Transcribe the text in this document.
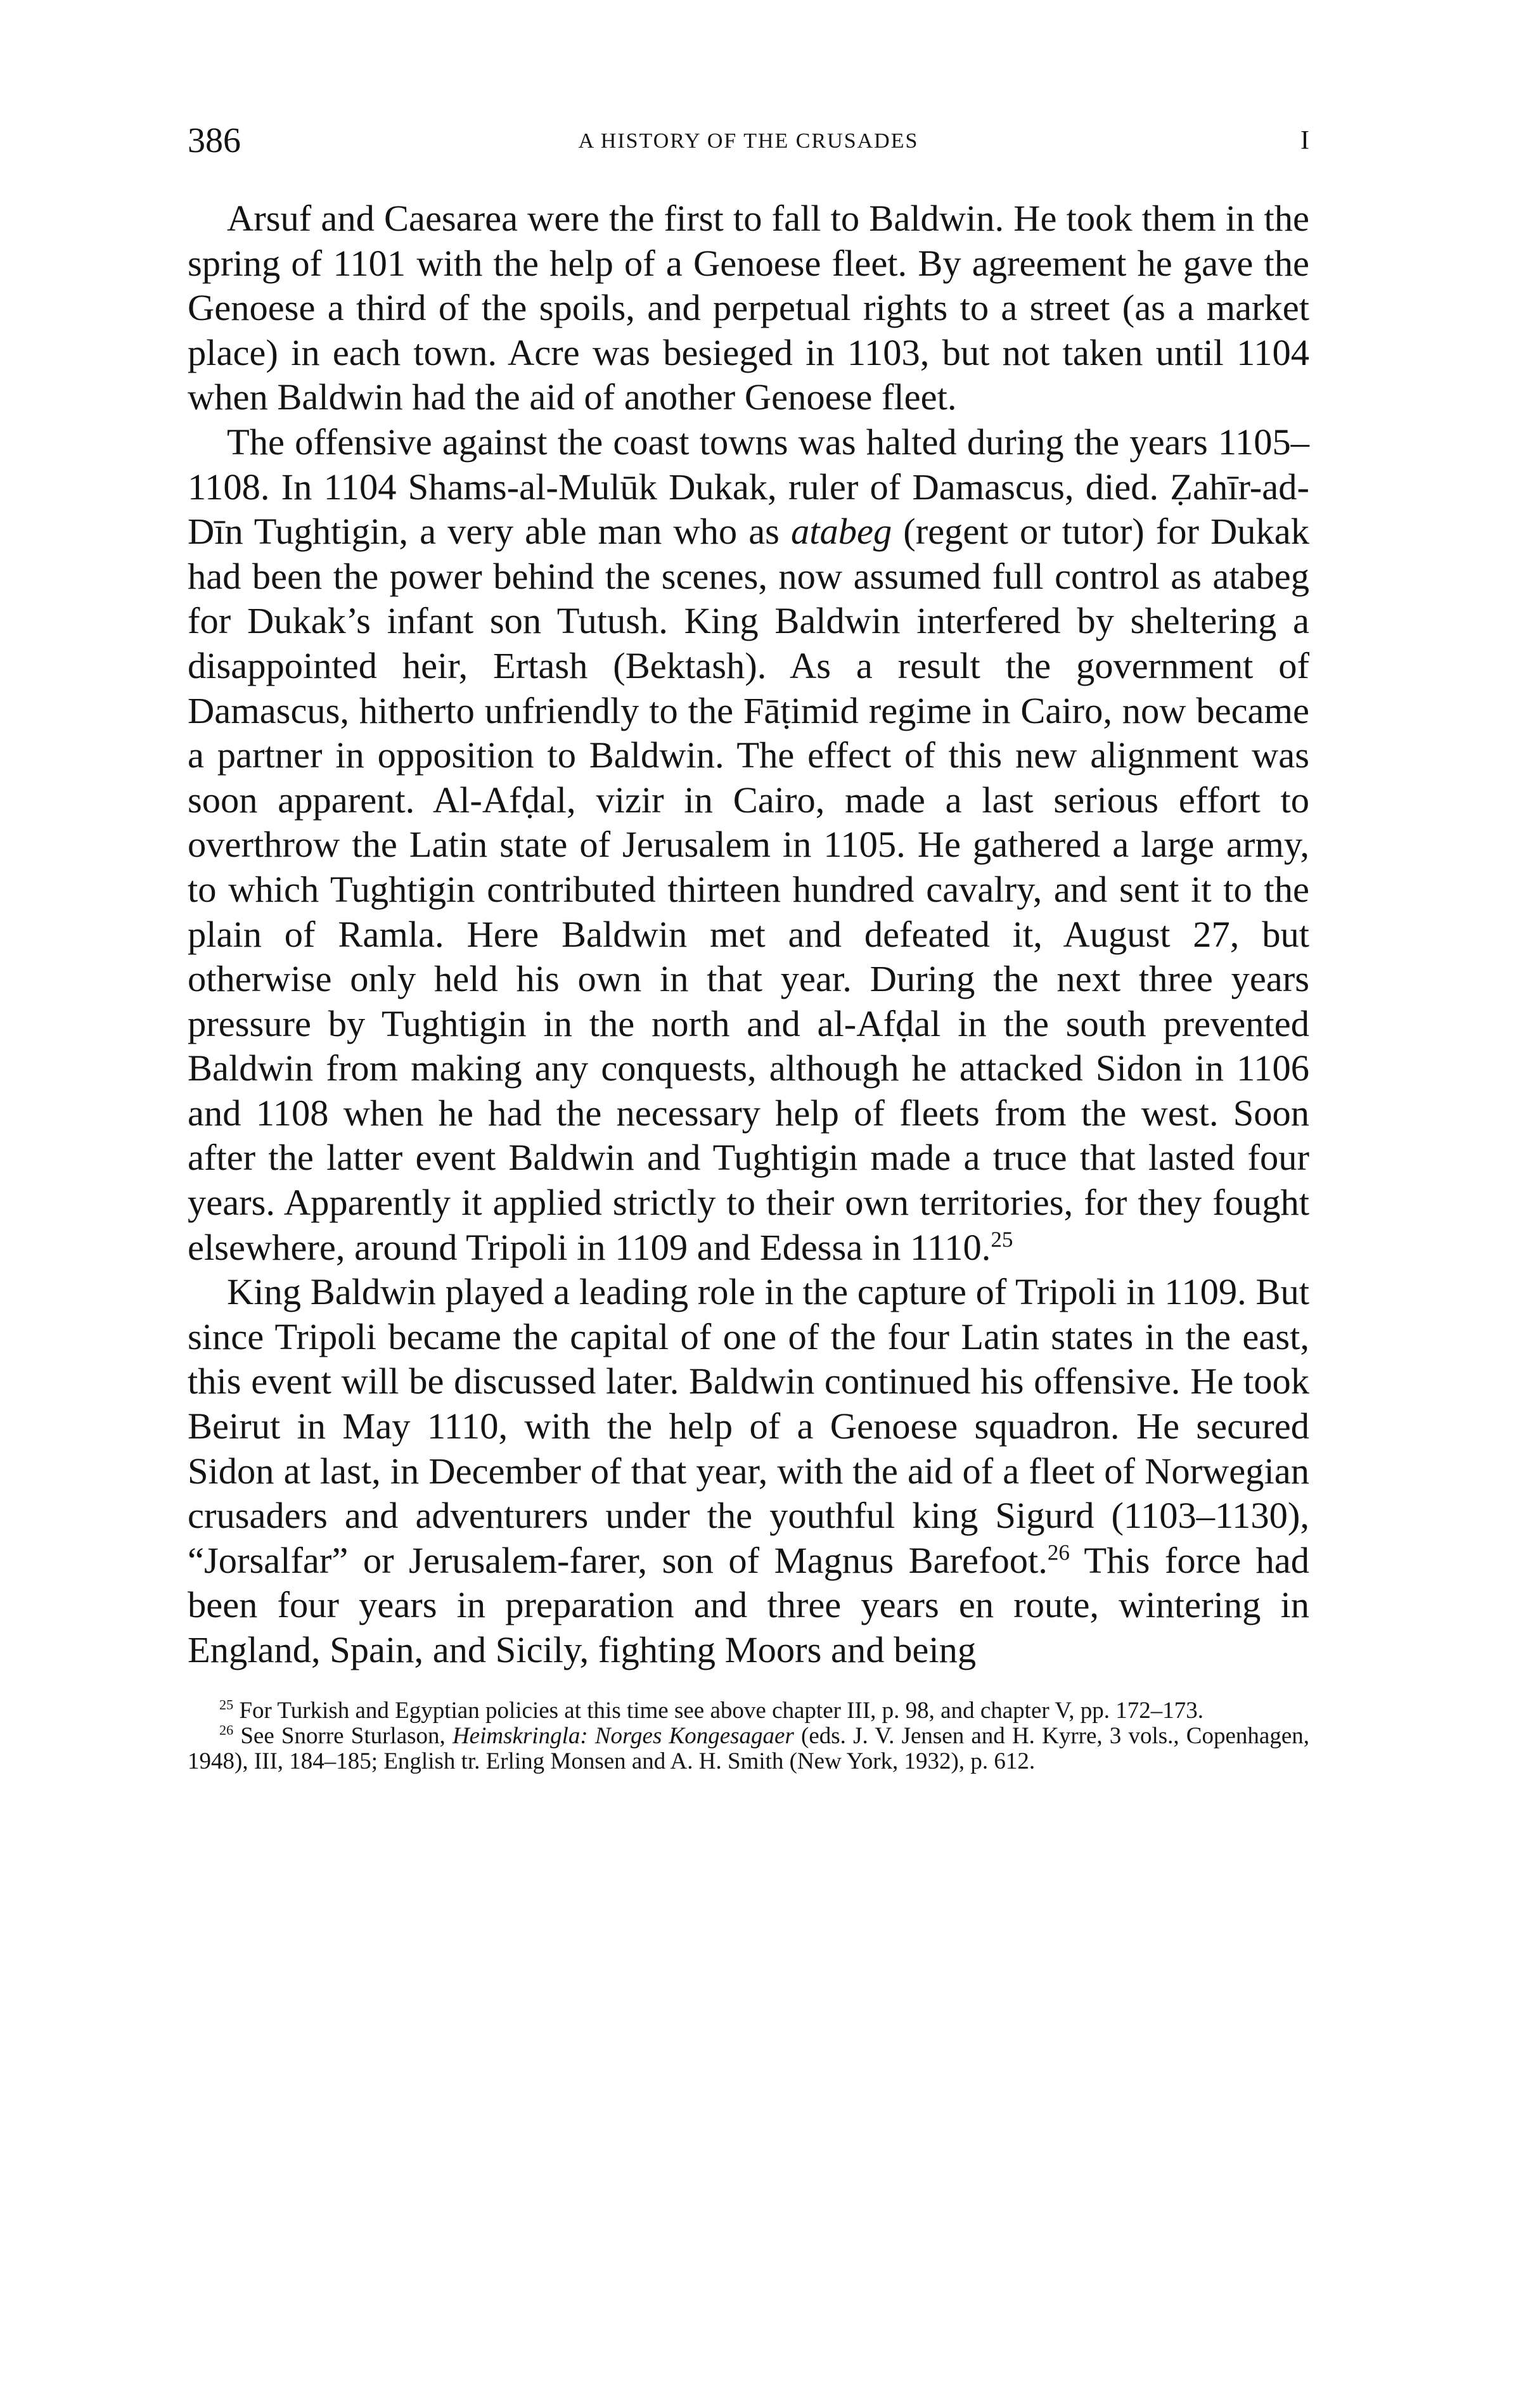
386	A HISTORY OF THE CRUSADES	I

Arsuf and Caesarea were the first to fall to Baldwin. He took them in the spring of 1101 with the help of a Genoese fleet. By agreement he gave the Genoese a third of the spoils, and perpetual rights to a street (as a market place) in each town. Acre was besieged in 1103, but not taken until 1104 when Baldwin had the aid of another Genoese fleet.

The offensive against the coast towns was halted during the years 1105–1108. In 1104 Shams-al-Mulūk Dukak, ruler of Damascus, died. Ẓahīr-ad-Dīn Tughtigin, a very able man who as atabeg (regent or tutor) for Dukak had been the power behind the scenes, now assumed full control as atabeg for Dukak’s infant son Tutush. King Baldwin interfered by sheltering a disappointed heir, Ertash (Bektash). As a result the government of Damascus, hitherto unfriendly to the Fāṭimid regime in Cairo, now became a partner in opposition to Baldwin. The effect of this new alignment was soon apparent. Al-Afḍal, vizir in Cairo, made a last serious effort to overthrow the Latin state of Jerusalem in 1105. He gathered a large army, to which Tughtigin contributed thirteen hundred cavalry, and sent it to the plain of Ramla. Here Baldwin met and defeated it, August 27, but otherwise only held his own in that year. During the next three years pressure by Tughtigin in the north and al-Afḍal in the south prevented Baldwin from making any conquests, although he attacked Sidon in 1106 and 1108 when he had the necessary help of fleets from the west. Soon after the latter event Baldwin and Tughtigin made a truce that lasted four years. Apparently it applied strictly to their own territories, for they fought elsewhere, around Tripoli in 1109 and Edessa in 1110.25

King Baldwin played a leading role in the capture of Tripoli in 1109. But since Tripoli became the capital of one of the four Latin states in the east, this event will be discussed later. Baldwin continued his offensive. He took Beirut in May 1110, with the help of a Genoese squadron. He secured Sidon at last, in December of that year, with the aid of a fleet of Norwegian crusaders and adventurers under the youthful king Sigurd (1103–1130), “Jorsalfar” or Jerusalem-farer, son of Magnus Barefoot.$^{26}$ This force had been four years in preparation and three years en route, wintering in England, Spain, and Sicily, fighting Moors and being

$^{25}$ For Turkish and Egyptian policies at this time see above chapter III, p. 98, and chapter V, pp. 172–173.

$^{26}$ See Snorre Sturlason, Heimskringla: Norges Kongesagaer (eds. J. V. Jensen and H. Kyrre, 3 vols., Copenhagen, 1948), III, 184–185; English tr. Erling Monsen and A. H. Smith (New York, 1932), p. 612.
